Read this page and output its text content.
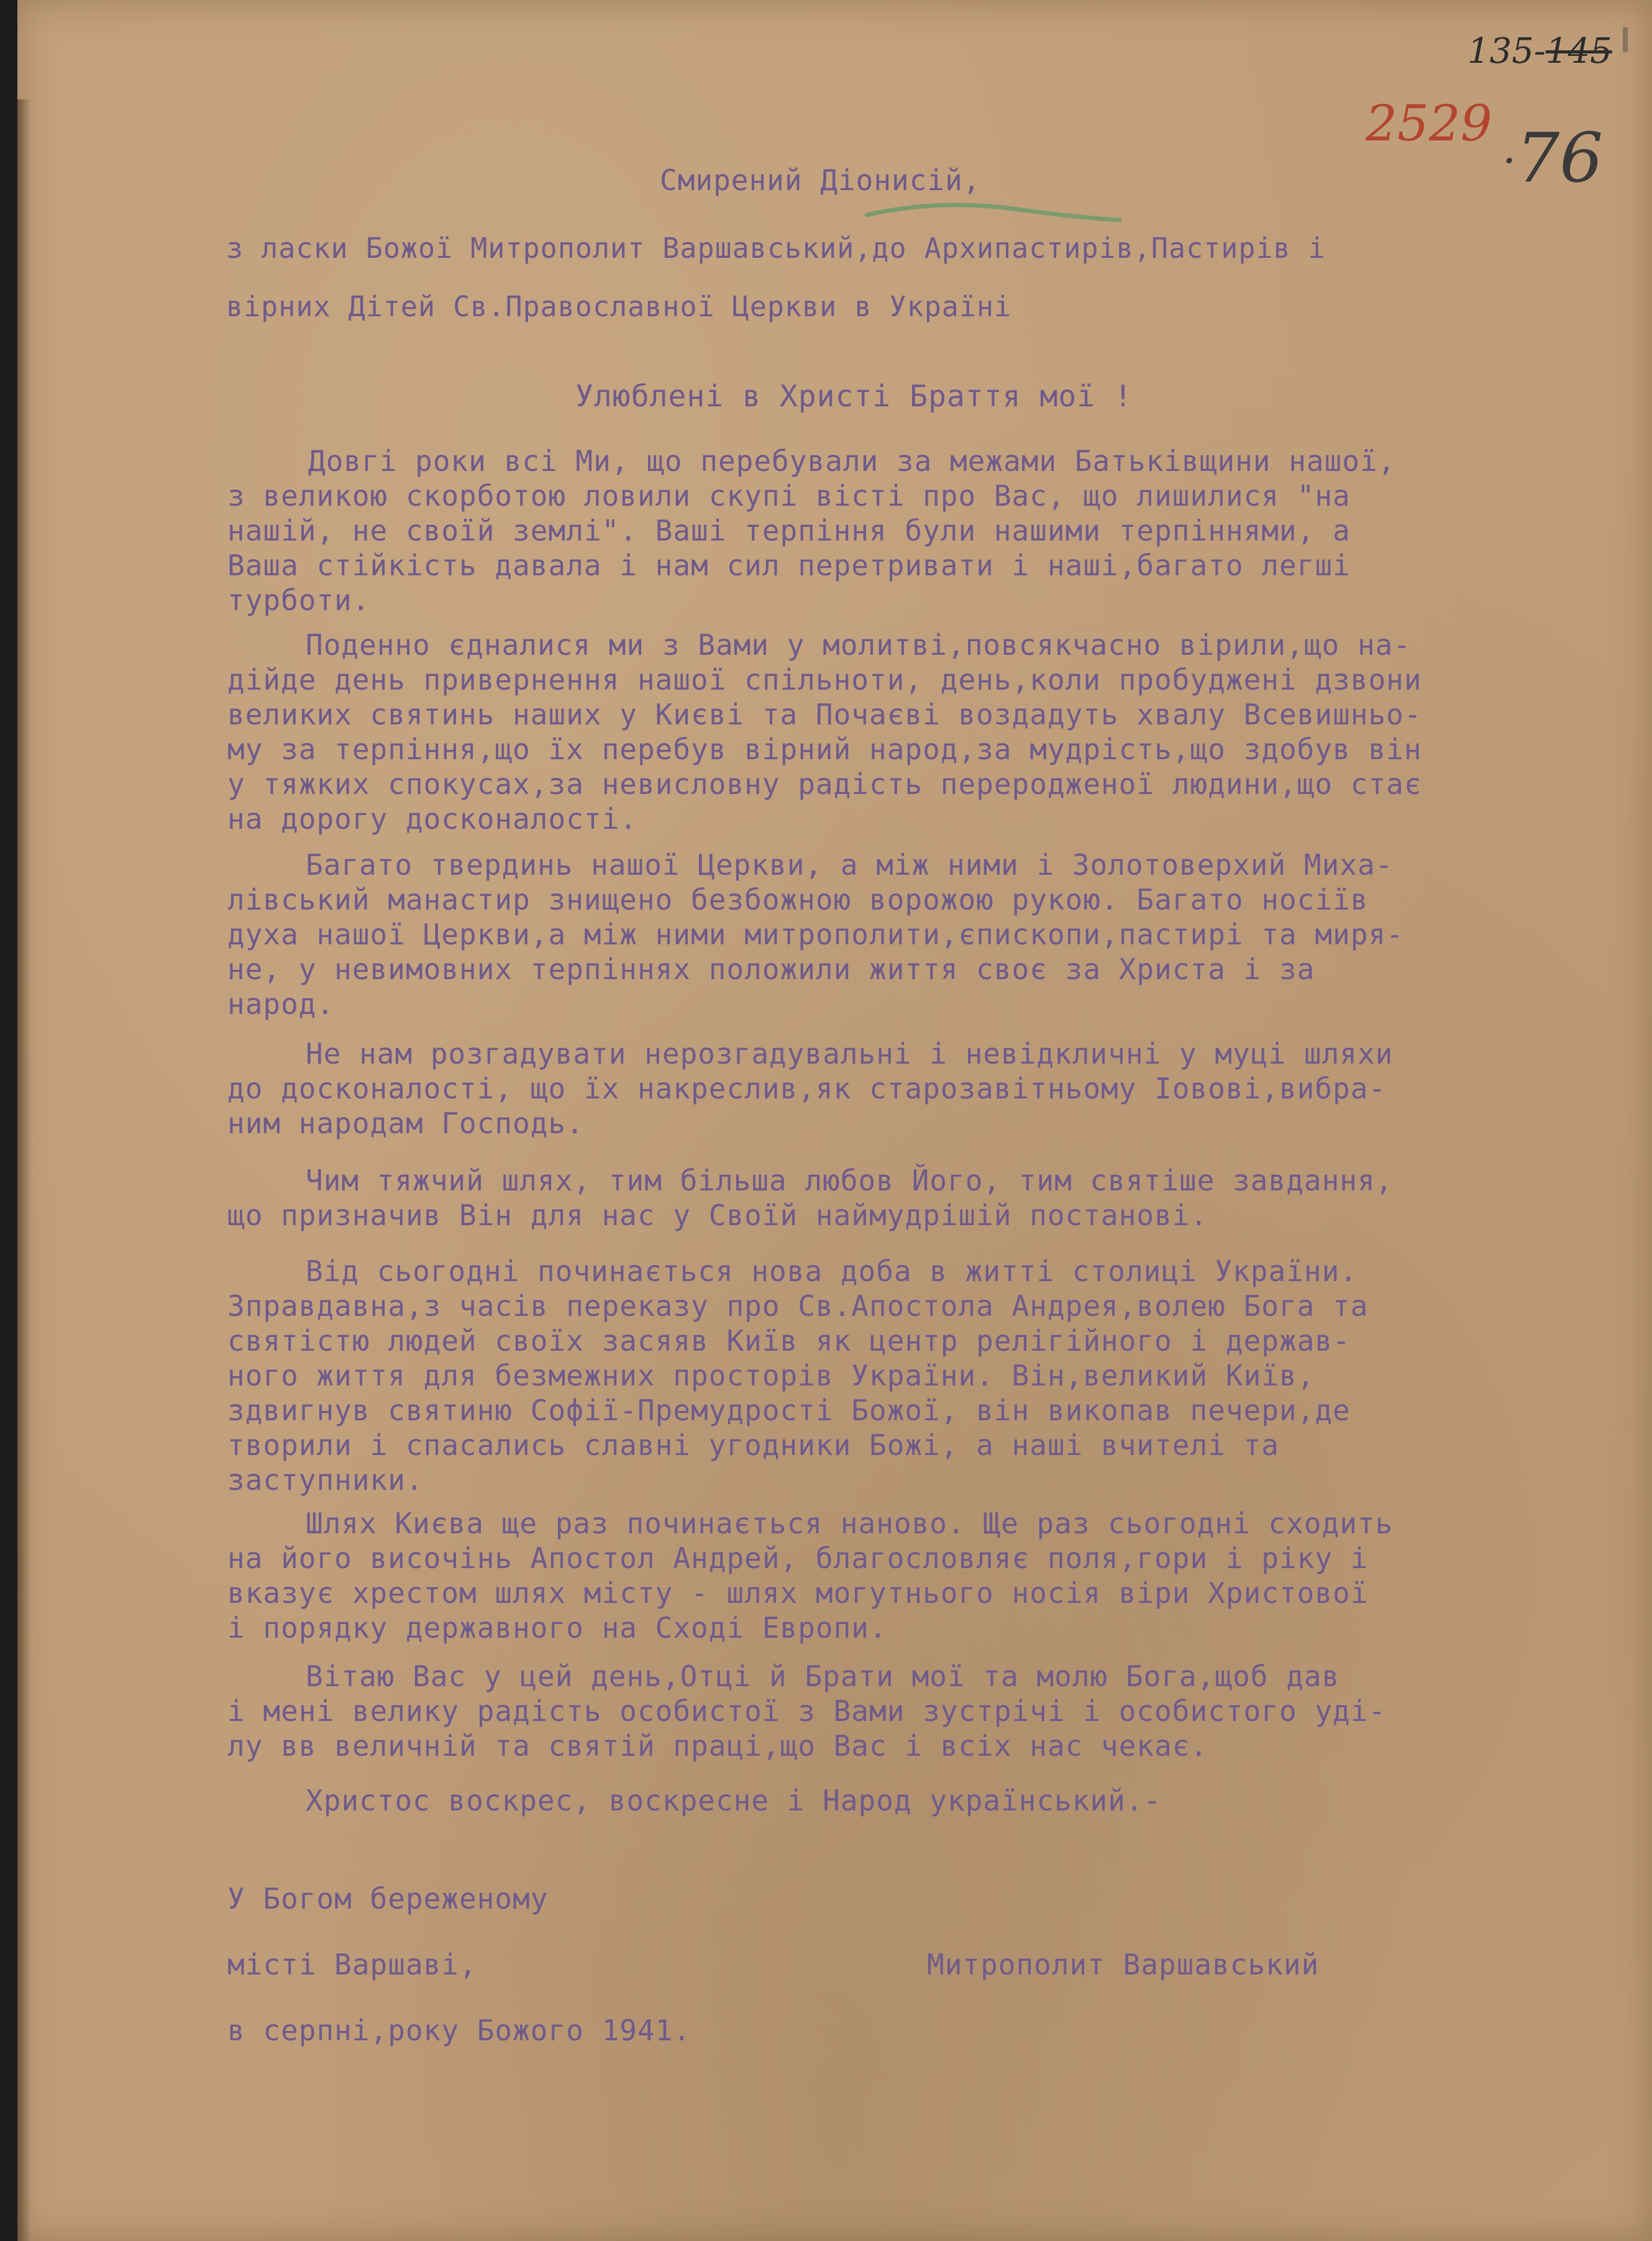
135-145
2529 .76
Смирений Діонисій,
з ласки Божої Митрополит Варшавський,до Архипастирів,Пастирів і
вірних Дітей Св.Православної Церкви в Україні
Улюблені в Христі Браття мої !
Довгі роки всі Ми, що перебували за межами Батьківщини нашої,
з великою скорботою ловили скупі вісті про Вас, що лишилися "на
нашій, не своїй землі". Ваші терпіння були нашими терпіннями, а
Ваша стійкість давала і нам сил перетривати і наші,багато легші
турботи.
Поденно єдналися ми з Вами у молитві,повсякчасно вірили,що на-
дійде день привернення нашої спільноти, день,коли пробуджені дзвони
великих святинь наших у Києві та Почаєві воздадуть хвалу Всевишньо-
му за терпіння,що їх перебув вірний народ,за мудрість,що здобув він
у тяжких спокусах,за невисловну радість переродженої людини,що стає
на дорогу досконалості.
Багато твердинь нашої Церкви, а між ними і Золотоверхий Миха-
лівський манастир знищено безбожною ворожою рукою. Багато носіїв
духа нашої Церкви,а між ними митрополити,єпископи,пастирі та миря-
не, у невимовних терпіннях положили життя своє за Христа і за
народ.
Не нам розгадувати нерозгадувальні і невідкличні у муці шляхи
до досконалості, що їх накреслив,як старозавітньому Іовові,вибра-
ним народам Господь.
Чим тяжчий шлях, тим більша любов Його, тим святіше завдання,
що призначив Він для нас у Своїй наймудрішій постанові.
Від сьогодні починається нова доба в житті столиці України.
Зправдавна,з часів переказу про Св.Апостола Андрея,волею Бога та
святістю людей своїх засяяв Київ як центр релігійного і держав-
ного життя для безмежних просторів України. Він,великий Київ,
здвигнув святиню Софії-Премудрості Божої, він викопав печери,де
творили і спасались славні угодники Божі, а наші вчителі та
заступники.
Шлях Києва ще раз починається наново. Ще раз сьогодні сходить
на його височінь Апостол Андрей, благословляє поля,гори і ріку і
вказує хрестом шлях місту - шлях могутнього носія віри Христової
і порядку державного на Сході Европи.
Вітаю Вас у цей день,Отці й Брати мої та молю Бога,щоб дав
і мені велику радість особистої з Вами зустрічі і особистого уді-
лу вв величній та святій праці,що Вас і всіх нас чекає.
Христос воскрес, воскресне і Народ український.-
У Богом береженому
місті Варшаві,	Митрополит Варшавський
в серпні,року Божого 1941.
